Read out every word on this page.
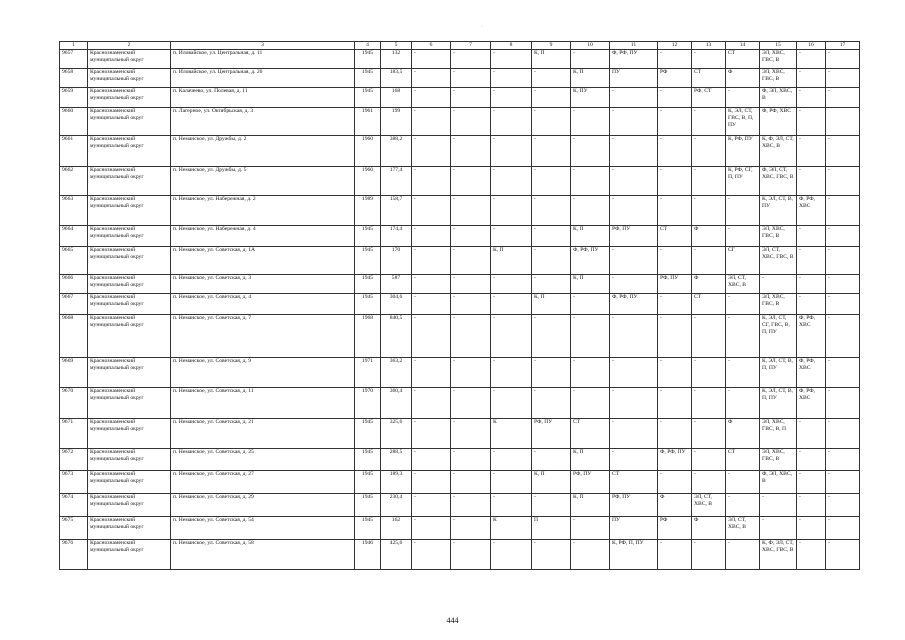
·
1	2	3	4	5	6	7	8	9	10	11	12	13	14	15	16	17
9657	Краснознаменский муниципальный округ	п. Иловайское, ул. Центральная, д. 11	1945	132	-	-	-	К, П	-	Ф, РФ, ПУ	-	-	СТ	ЭЛ, ХВС, ГВС, В	-	-
9658	Краснознаменский муниципальный округ	п. Иловайское, ул. Центральная, д. 20	1945	183,5	-	-	-	-	К, П	ПУ	РФ	СТ	Ф	ЭЛ, ХВС, ГВС, В	-	-
9659	Краснознаменский муниципальный округ	п. Калачеево, ул. Полевая, д. 11	1945	168	-	-	-	-	К, ПУ	-	-	РФ, СТ	-	Ф, ЭЛ, ХВС, В	-	-
9660	Краснознаменский муниципальный округ	п. Лагерное, ул. Октябрьская, д. 3	1961	199	-	-	-	-	-	-	-	-	К, ЭЛ, СТ, ГВС, В, П, ПУ	Ф, РФ, ХВС	-	
9661	Краснознаменский муниципальный округ	п. Неманское, ул. Дружбы, д. 2	1960	388,2	-	-	-	-	-	-	-	-	К, РФ, ПУ	К, Ф, ЭЛ, СТ, ХВС, В	-	-
9662	Краснознаменский муниципальный округ	п. Неманское, ул. Дружбы, д. 5	1960	177,4	-	-	-	-	-	-	-	-	К, РФ, СГ, П, ПУ	Ф, ЭЛ, СТ, ХВС, ГВС, В	-	-
9663	Краснознаменский муниципальный округ	п. Неманское, ул. Набережная, д. 2	1989	158,7	-	-	-	-	-	-	-	-	-	К, ЭЛ, СТ, В, ПУ	Ф, РФ, ХВС	-
9664	Краснознаменский муниципальный округ	п. Неманское, ул. Набережная, д. 4	1945	174,4	-	-	-	-	К, П	РФ, ПУ	СТ	Ф	-	ЭЛ, ХВС, ГВС, В	-	-
9665	Краснознаменский муниципальный округ	п. Неманское, ул. Советская, д. 1А	1945	170	-	-	К, П	-	Ф, РФ, ПУ	-	-	-	СГ	ЭЛ, СТ, ХВС, ГВС, В	-	-
9666	Краснознаменский муниципальный округ	п. Неманское, ул. Советская, д. 3	1945	587	-	-	-	-	К, П	-	РФ, ПУ	Ф	ЭЛ, СТ, ХВС, В	-	-	-
9667	Краснознаменский муниципальный округ	п. Неманское, ул. Советская, д. 4	1945	304,6	-	-	-	К, П	-	Ф, РФ, ПУ	-	СТ	-	ЭЛ, ХВС, ГВС, В	-	-
9668	Краснознаменский муниципальный округ	п. Неманское, ул. Советская, д. 7	1968	840,5	-	-	-	-	-	-	-	-	-	К, ЭЛ, СТ, СГ, ГВС, В, П, ПУ	Ф, РФ, ХВС	-
9669	Краснознаменский муниципальный округ	п. Неманское, ул. Советская, д. 9	1971	363,2	-	-	-	-	-	-	-	-	-	К, ЭЛ, СТ, В, П, ПУ	Ф, РФ, ХВС	-
9670	Краснознаменский муниципальный округ	п. Неманское, ул. Советская, д. 11	1970	360,4	-	-	-	-	-	-	-	-	-	К, ЭЛ, СТ, В, П, ПУ	Ф, РФ, ХВС	-
9671	Краснознаменский муниципальный округ	п. Неманское, ул. Советская, д. 21	1945	325,6	-	-	К	РФ, ПУ	СТ	-	-	-	Ф	ЭЛ, ХВС, ГВС, В, П	-	-
9672	Краснознаменский муниципальный округ	п. Неманское, ул. Советская, д. 25	1945	288,5	-	-	-	-	К, П	-	Ф, РФ, ПУ	-	СТ	ЭЛ, ХВС, ГВС, В	-	-
9673	Краснознаменский муниципальный округ	п. Неманское, ул. Советская, д. 27	1945	189,3	-	-	-	К, П	РФ, ПУ	СТ	-	-	-	Ф, ЭЛ, ХВС, В	-	-
9674	Краснознаменский муниципальный округ	п. Неманское, ул. Советская, д. 29	1945	230,4	-	-	-	-	К, П	РФ, ПУ	Ф	ЭЛ, СТ, ХВС, В	-	-	-	-
9675	Краснознаменский муниципальный округ	п. Неманское, ул. Советская, д. 54	1945	162	-	-	К	П	-	ПУ	РФ	Ф	ЭЛ, СТ, ХВС, В	-	-	-
9676	Краснознаменский муниципальный округ	п. Неманское, ул. Советская, д. 58	1946	425,6	-	-	-	-	-	К, РФ, П, ПУ	-	-	-	К, Ф, ЭЛ, СТ, ХВС, ГВС, В	-	-
444
